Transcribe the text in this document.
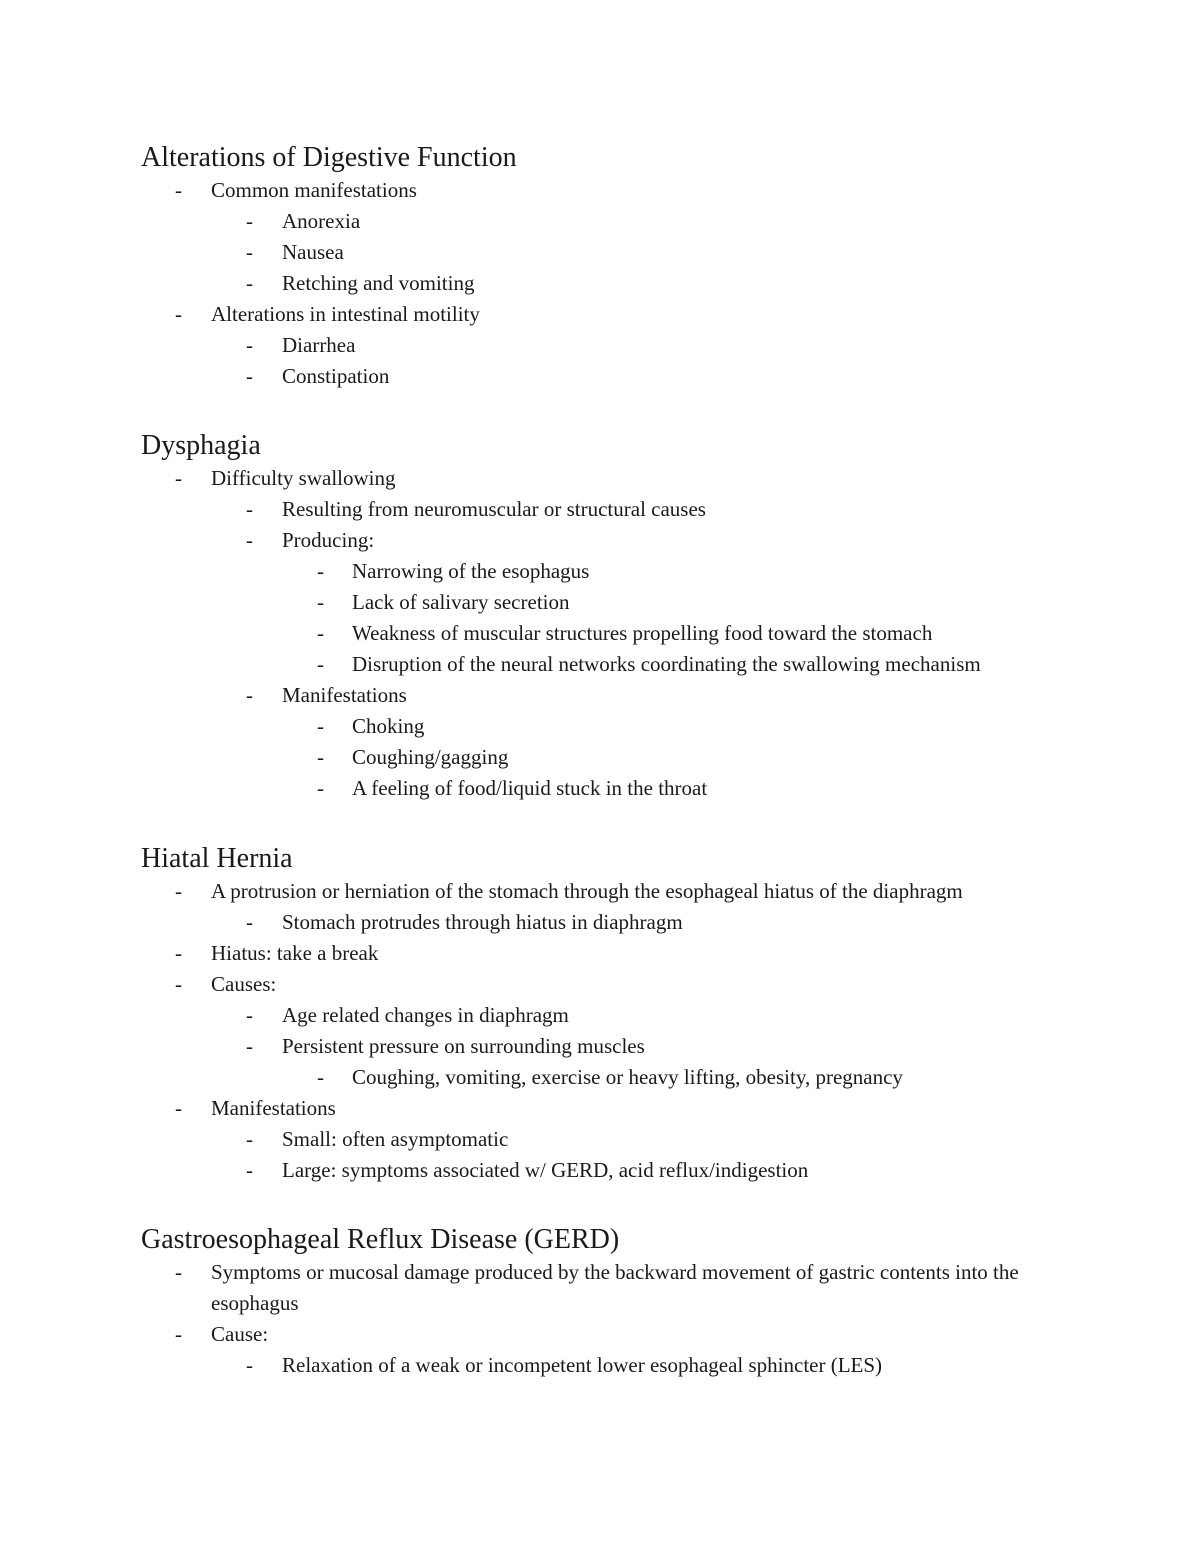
Alterations of Digestive Function
-	Common manifestations
-	Anorexia
-	Nausea
-	Retching and vomiting
-	Alterations in intestinal motility
-	Diarrhea
-	Constipation
Dysphagia
-	Difficulty swallowing
-	Resulting from neuromuscular or structural causes
-	Producing:
-	Narrowing of the esophagus
-	Lack of salivary secretion
-	Weakness of muscular structures propelling food toward the stomach
-	Disruption of the neural networks coordinating the swallowing mechanism
-	Manifestations
-	Choking
-	Coughing/gagging
-	A feeling of food/liquid stuck in the throat
Hiatal Hernia
-	A protrusion or herniation of the stomach through the esophageal hiatus of the diaphragm
-	Stomach protrudes through hiatus in diaphragm
-	Hiatus: take a break
-	Causes:
-	Age related changes in diaphragm
-	Persistent pressure on surrounding muscles
-	Coughing, vomiting, exercise or heavy lifting, obesity, pregnancy
-	Manifestations
-	Small: often asymptomatic
-	Large: symptoms associated w/ GERD, acid reflux/indigestion
Gastroesophageal Reflux Disease (GERD)
-	Symptoms or mucosal damage produced by the backward movement of gastric contents into the esophagus
-	Cause:
-	Relaxation of a weak or incompetent lower esophageal sphincter (LES)
